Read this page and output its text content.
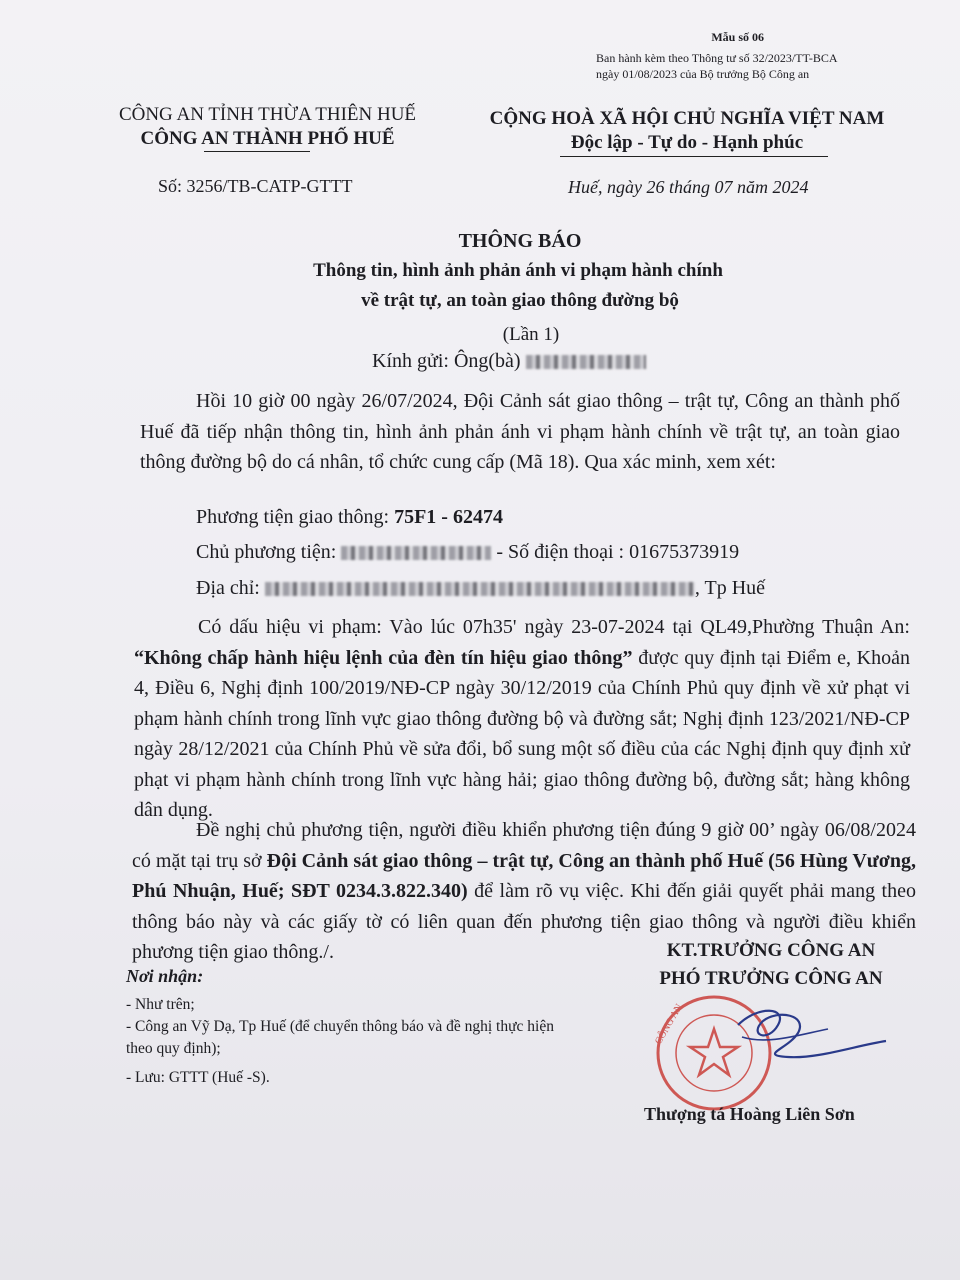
Mẫu số 06
Ban hành kèm theo Thông tư số 32/2023/TT-BCA
ngày 01/08/2023 của Bộ trưởng Bộ Công an
CÔNG AN TỈNH THỪA THIÊN HUẾ
CÔNG AN THÀNH PHỐ HUẾ
CỘNG HOÀ XÃ HỘI CHỦ NGHĨA VIỆT NAM
Độc lập - Tự do - Hạnh phúc
Số: 3256/TB-CATP-GTTT	Huế, ngày 26 tháng 07 năm 2024
THÔNG BÁO
Thông tin, hình ảnh phản ánh vi phạm hành chính
về trật tự, an toàn giao thông đường bộ
(Lần 1)
Kính gửi: Ông(bà)
Hồi 10 giờ 00 ngày 26/07/2024, Đội Cảnh sát giao thông – trật tự, Công an thành phố Huế đã tiếp nhận thông tin, hình ảnh phản ánh vi phạm hành chính về trật tự, an toàn giao thông đường bộ do cá nhân, tổ chức cung cấp (Mã 18). Qua xác minh, xem xét:
Phương tiện giao thông: 75F1 - 62474
Chủ phương tiện:	- Số điện thoại : 01675373919
Địa chỉ:	, Tp Huế
Có dấu hiệu vi phạm: Vào lúc 07h35' ngày 23-07-2024 tại QL49,Phường Thuận An: “Không chấp hành hiệu lệnh của đèn tín hiệu giao thông” được quy định tại Điểm e, Khoản 4, Điều 6, Nghị định 100/2019/NĐ-CP ngày 30/12/2019 của Chính Phủ quy định về xử phạt vi phạm hành chính trong lĩnh vực giao thông đường bộ và đường sắt; Nghị định 123/2021/NĐ-CP ngày 28/12/2021 của Chính Phủ về sửa đổi, bổ sung một số điều của các Nghị định quy định xử phạt vi phạm hành chính trong lĩnh vực hàng hải; giao thông đường bộ, đường sắt; hàng không dân dụng.
Đề nghị chủ phương tiện, người điều khiển phương tiện đúng 9 giờ 00’ ngày 06/08/2024 có mặt tại trụ sở Đội Cảnh sát giao thông – trật tự, Công an thành phố Huế (56 Hùng Vương, Phú Nhuận, Huế; SĐT 0234.3.822.340) để làm rõ vụ việc. Khi đến giải quyết phải mang theo thông báo này và các giấy tờ có liên quan đến phương tiện giao thông và người điều khiển phương tiện giao thông./.
Nơi nhận:
- Như trên;
- Công an Vỹ Dạ, Tp Huế (để chuyển thông báo và đề nghị thực hiện theo quy định);
- Lưu: GTTT (Huế -S).
KT.TRƯỞNG CÔNG AN
PHÓ TRƯỞNG CÔNG AN
CÔNG AN
Thượng tá Hoàng Liên Sơn
